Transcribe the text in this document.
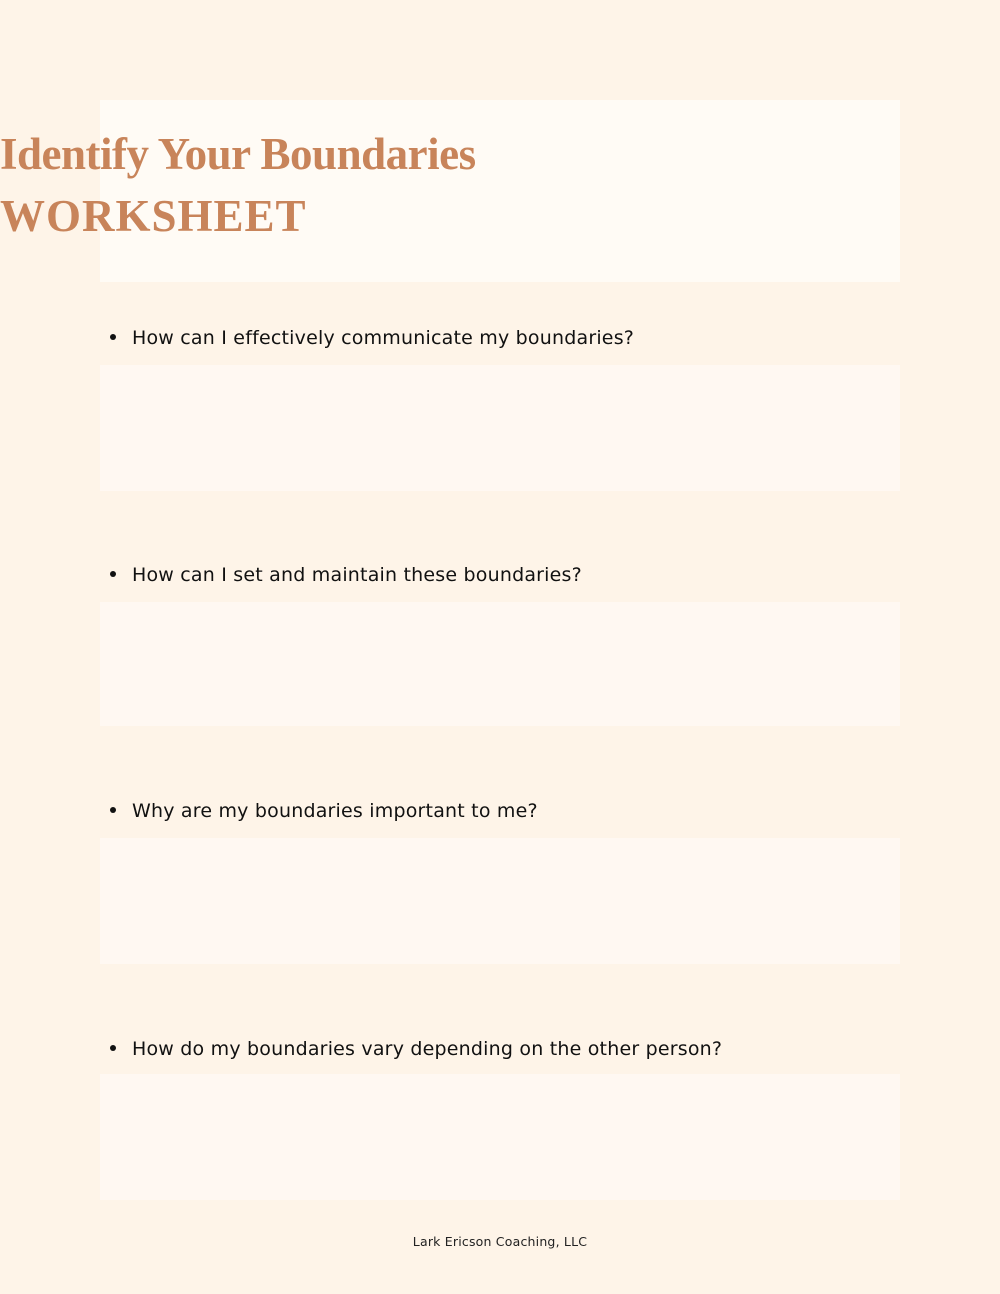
Identify Your Boundaries
WORKSHEET
How can I effectively communicate my boundaries?
How can I set and maintain these boundaries?
Why are my boundaries important to me?
How do my boundaries vary depending on the other person?
Lark Ericson Coaching, LLC
